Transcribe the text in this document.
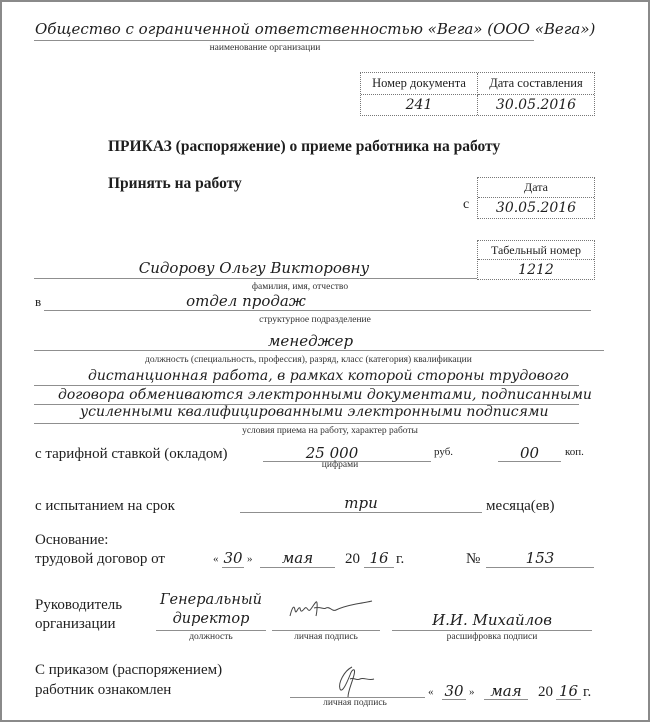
Общество с ограниченной ответственностью «Вега» (ООО «Вега»)
наименование организации
Номер документа	Дата составления
241	30.05.2016
ПРИКАЗ (распоряжение) о приеме работника на работу
Принять на работу
с
Дата
30.05.2016
Табельный номер
1212
Сидорову Ольгу Викторовну
фамилия, имя, отчество
в	отдел продаж
структурное подразделение
менеджер
должность (специальность, профессия), разряд, класс (категория) квалификации
дистанционная работа, в рамках которой стороны трудового
договора обмениваются электронными документами, подписанными
усиленными квалифицированными электронными подписями
условия приема на работу, характер работы
с тарифной ставкой (окладом)	25 000
цифрами
руб.	00	коп.
с испытанием на срок	три	месяца(ев)
Основание:
трудовой договор от	« 30 »	мая	20 16 г.	№	153
Руководитель
организации
Генеральный
директор
должность	личная подпись
И.И. Михайлов
расшифровка подписи
С приказом (распоряжением)
работник ознакомлен
личная подпись
« 30 »	мая	20 16 г.
